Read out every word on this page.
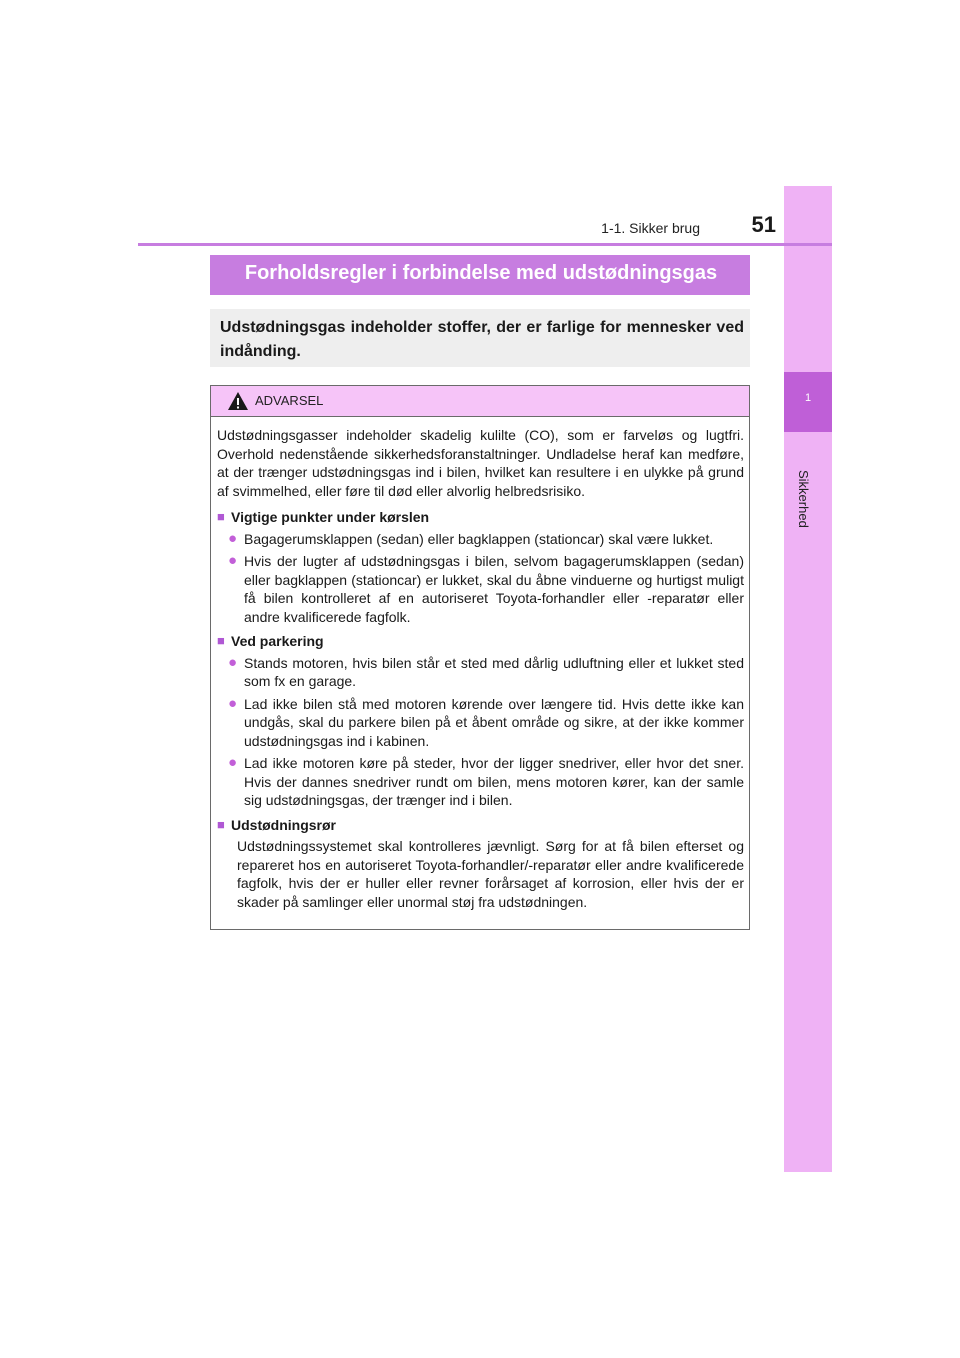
1
Sikkerhed
1-1. Sikker brug	51
Forholdsregler i forbindelse med udstødningsgas
Udstødningsgas indeholder stoffer, der er farlige for mennesker ved indånding.
ADVARSEL

Udstødningsgasser indeholder skadelig kulilte (CO), som er farveløs og lugtfri. Overhold nedenstående sikkerhedsforanstaltninger. Undladelse heraf kan medføre, at der trænger udstødningsgas ind i bilen, hvilket kan resultere i en ulykke på grund af svimmelhed, eller føre til død eller alvorlig helbredsrisiko.

■ Vigtige punkter under kørslen
● Bagagerumsklappen (sedan) eller bagklappen (stationcar) skal være lukket.
● Hvis der lugter af udstødningsgas i bilen, selvom bagagerumsklappen (sedan) eller bagklappen (stationcar) er lukket, skal du åbne vinduerne og hurtigst muligt få bilen kontrolleret af en autoriseret Toyota-forhandler eller -reparatør eller andre kvalificerede fagfolk.
■ Ved parkering
● Stands motoren, hvis bilen står et sted med dårlig udluftning eller et lukket sted som fx en garage.
● Lad ikke bilen stå med motoren kørende over længere tid. Hvis dette ikke kan undgås, skal du parkere bilen på et åbent område og sikre, at der ikke kommer udstødningsgas ind i kabinen.
● Lad ikke motoren køre på steder, hvor der ligger snedriver, eller hvor det sner. Hvis der dannes snedriver rundt om bilen, mens motoren kører, kan der samle sig udstødningsgas, der trænger ind i bilen.
■ Udstødningsrør

Udstødningssystemet skal kontrolleres jævnligt. Sørg for at få bilen efterset og repareret hos en autoriseret Toyota-forhandler/-reparatør eller andre kvalificerede fagfolk, hvis der er huller eller revner forårsaget af korrosion, eller hvis der er skader på samlinger eller unormal støj fra udstødningen.
